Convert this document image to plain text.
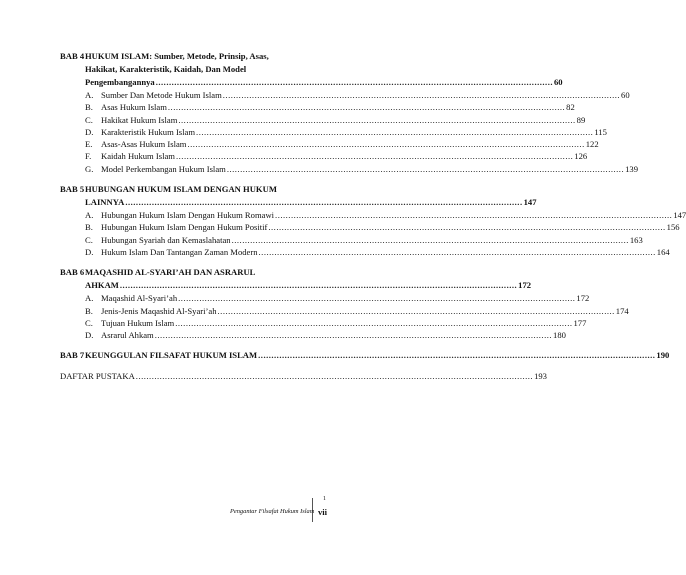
BAB 4 HUKUM ISLAM: Sumber, Metode, Prinsip, Asas,
Hakikat, Karakteristik, Kaidah, Dan Model
Pengembangannya .....	60
A. Sumber Dan Metode Hukum Islam .....	60
B. Asas Hukum Islam .....	82
C. Hakikat Hukum Islam .....	89
D. Karakteristik Hukum Islam .....	115
E. Asas-Asas Hukum Islam .....	122
F.	Kaidah Hukum Islam .....	126
G. Model Perkembangan Hukum Islam .....	139
BAB 5 HUBUNGAN HUKUM ISLAM DENGAN HUKUM
LAINNYA .....	147
A. Hubungan Hukum Islam Dengan Hukum Romawi .....	147
B. Hubungan Hukum Islam Dengan Hukum Positif .....	156
C. Hubungan Syariah dan Kemaslahatan .....	163
D. Hukum Islam Dan Tantangan Zaman Modern .....	164
BAB 6 MAQASHID AL-SYARI’AH DAN ASRARUL
AHKAM .....	172
A. Maqashid Al-Syari’ah .....	172
B. Jenis-Jenis Maqashid Al-Syari’ah .....	174
C. Tujuan Hukum Islam .....	177
D. Asrarul Ahkam .....	180
BAB 7 KEUNGGULAN FILSAFAT HUKUM ISLAM .....	190
DAFTAR PUSTAKA .....	193
1
Pengantar Filsafat Hukum Islam vii
